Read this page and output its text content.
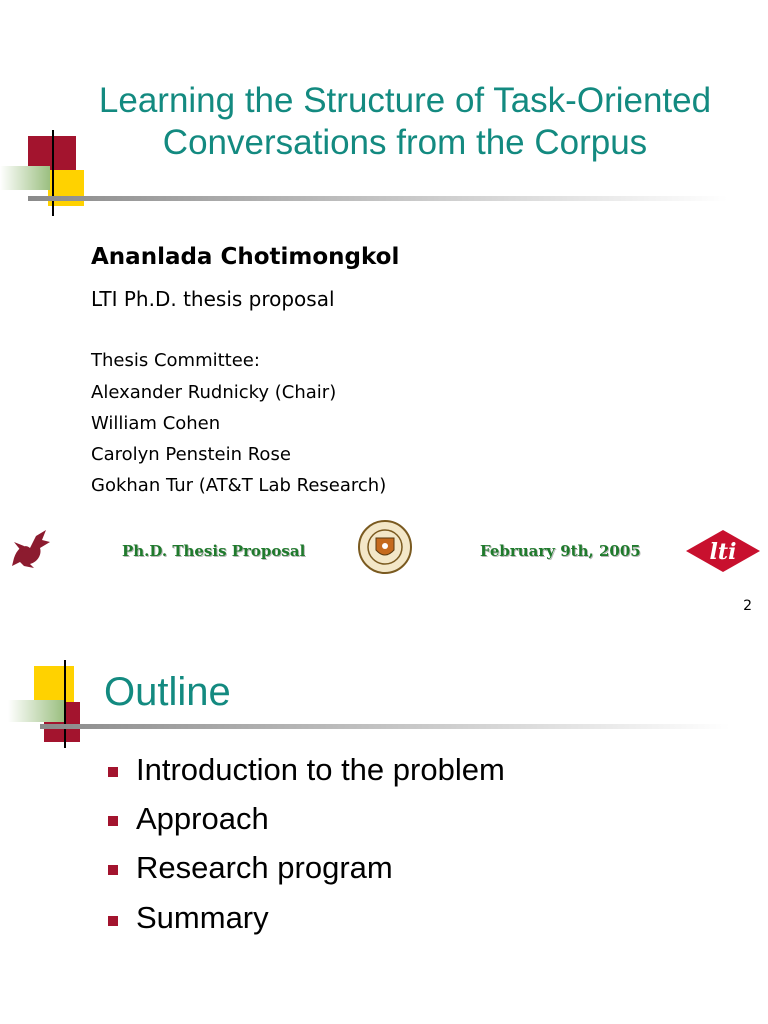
Learning the Structure of Task-Oriented
Conversations from the Corpus
Ananlada Chotimongkol
LTI Ph.D. thesis proposal
Thesis Committee:
Alexander Rudnicky (Chair)
William Cohen
Carolyn Penstein Rose
Gokhan Tur (AT&T Lab Research)
Ph.D. Thesis Proposal	February 9th, 2005	lti
2
Outline
Introduction to the problem
Approach
Research program
Summary
